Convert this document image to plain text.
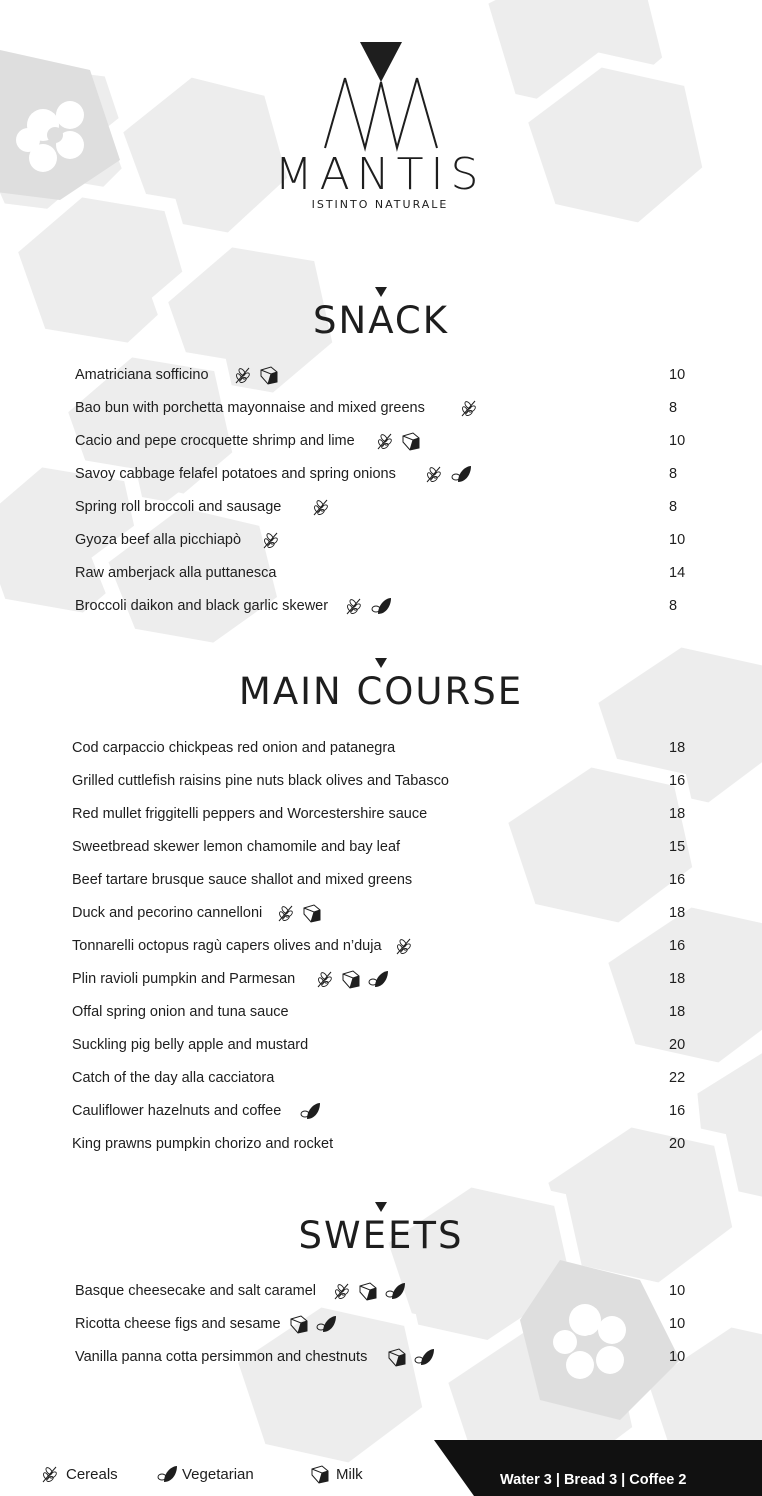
MANTIS
ISTINTO NATURALE
SNACK
MAIN COURSE
SWEETS
Amatriciana sofficino	10
Bao bun with porchetta mayonnaise and mixed greens	8
Cacio and pepe crocquette shrimp and lime	10
Savoy cabbage felafel potatoes and spring onions	8
Spring roll broccoli and sausage	8
Gyoza beef alla picchiapò	10
Raw amberjack alla puttanesca	14
Broccoli daikon and black garlic skewer	8
Cod carpaccio chickpeas red onion and patanegra	18
Grilled cuttlefish raisins pine nuts black olives and Tabasco	16
Red mullet friggitelli peppers and Worcestershire sauce	18
Sweetbread skewer lemon chamomile and bay leaf	15
Beef tartare brusque sauce shallot and mixed greens	16
Duck and pecorino cannelloni	18
Tonnarelli octopus ragù capers olives and n’duja	16
Plin ravioli pumpkin and Parmesan	18
Offal spring onion and tuna sauce	18
Suckling pig belly apple and mustard	20
Catch of the day alla cacciatora	22
Cauliflower hazelnuts and coffee	16
King prawns pumpkin chorizo and rocket	20
Basque cheesecake and salt caramel	10
Ricotta cheese figs and sesame	10
Vanilla panna cotta persimmon and chestnuts	10
Cereals	Vegetarian	Milk	Water 3 | Bread 3 | Coffee 2
